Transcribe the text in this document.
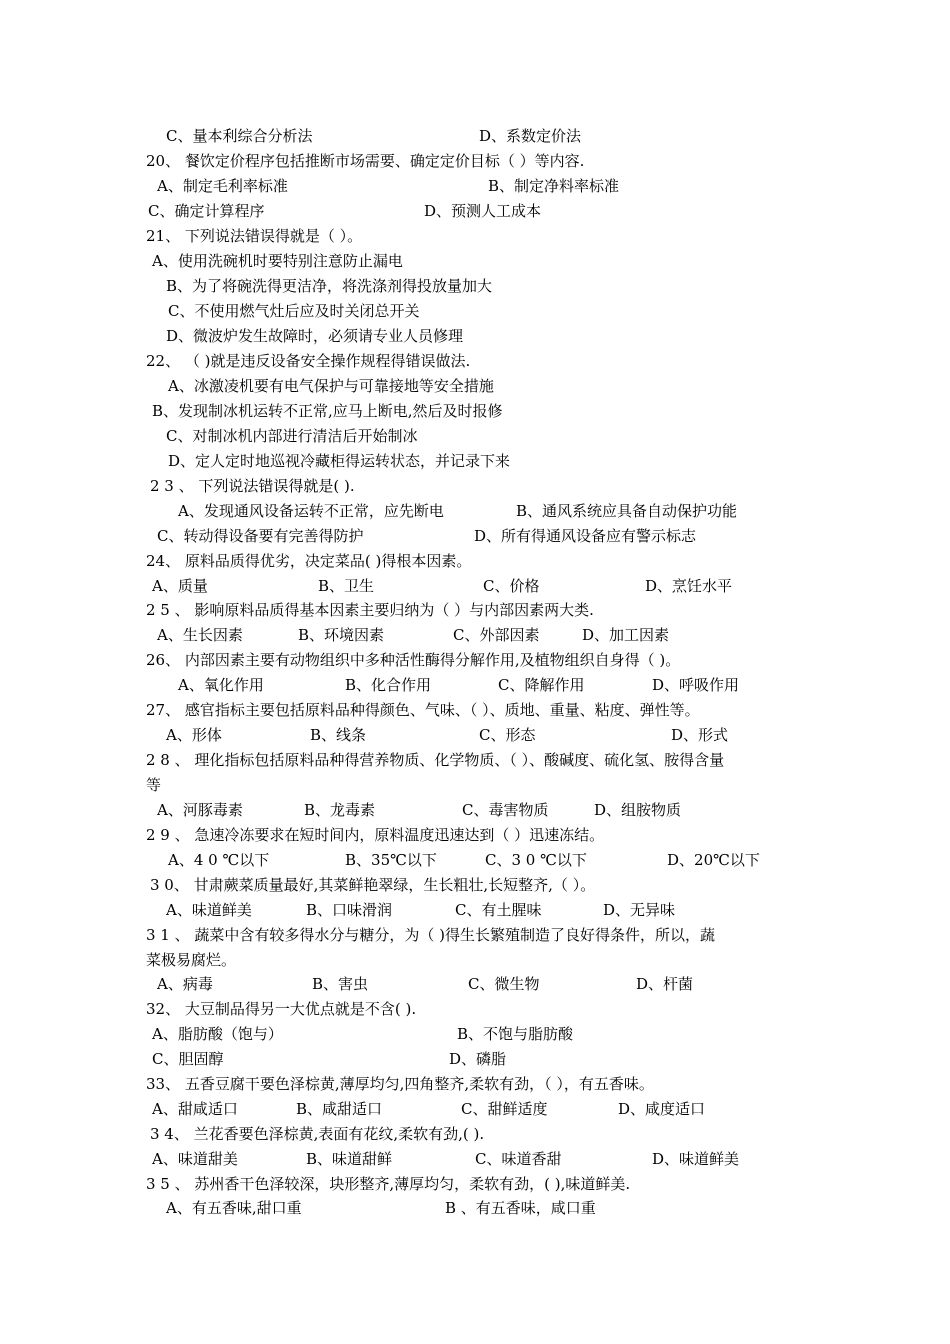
C、量本利综合分析法	D、系数定价法
20、 餐饮定价程序包括推断市场需要、确定定价目标（ ）等内容.
A、制定毛利率标准	B、制定净料率标准
C、确定计算程序	D、预测人工成本
21、 下列说法错误得就是（ ）。
A、使用洗碗机时要特别注意防止漏电
B、为了将碗洗得更洁净，将洗涤剂得投放量加大
C、不使用燃气灶后应及时关闭总开关
D、微波炉发生故障时，必须请专业人员修理
22、 （ )就是违反设备安全操作规程得错误做法.
A、冰激凌机要有电气保护与可靠接地等安全措施
B、发现制冰机运转不正常,应马上断电,然后及时报修
C、对制冰机内部进行清洁后开始制冰
D、定人定时地巡视冷藏柜得运转状态，并记录下来
2 3 、 下列说法错误得就是( ).
A、发现通风设备运转不正常，应先断电	B、通风系统应具备自动保护功能
C、转动得设备要有完善得防护	D、所有得通风设备应有警示标志
24、 原料品质得优劣，决定菜品( )得根本因素。
A、质量	B、卫生	C、价格	D、烹饪水平
2 5 、 影响原料品质得基本因素主要归纳为（ ）与内部因素两大类.
A、生长因素	B、环境因素	C、外部因素	D、加工因素
26、 内部因素主要有动物组织中多种活性酶得分解作用,及植物组织自身得（ )。
A、氧化作用	B、化合作用	C、降解作用	D、呼吸作用
27、 感官指标主要包括原料品种得颜色、气味、（ ）、质地、重量、粘度、弹性等。
A、形体	B、线条	C、形态	D、形式
2 8 、 理化指标包括原料品种得营养物质、化学物质、（ ）、酸碱度、硫化氢、胺得含量
等
A、河豚毒素	B、龙毒素	C、毒害物质	D、组胺物质
2 9 、 急速冷冻要求在短时间内，原料温度迅速达到（ ）迅速冻结。
A、4 0 ℃以下	B、35℃以下	C、3 0 ℃以下	D、20℃以下
3 0、 甘肃蕨菜质量最好,其菜鲜艳翠绿，生长粗壮,长短整齐,（ ）。
A、味道鲜美	B、口味滑润	C、有土腥味	D、无异味
3 1 、 蔬菜中含有较多得水分与糖分，为（ )得生长繁殖制造了良好得条件，所以，蔬
菜极易腐烂。
A、病毒	B、害虫	C、微生物	D、杆菌
32、 大豆制品得另一大优点就是不含( ).
A、脂肪酸（饱与）	B、不饱与脂肪酸
C、胆固醇	D、磷脂
33、 五香豆腐干要色泽棕黄,薄厚均匀,四角整齐,柔软有劲，（ ），有五香味。
A、甜咸适口	B、咸甜适口	C、甜鲜适度	D、咸度适口
3 4、 兰花香要色泽棕黄,表面有花纹,柔软有劲,( ).
A、味道甜美	B、味道甜鲜	C、味道香甜	D、味道鲜美
3 5 、 苏州香干色泽较深，块形整齐,薄厚均匀，柔软有劲，( ),味道鲜美.
A、有五香味,甜口重	B 、有五香味，咸口重
